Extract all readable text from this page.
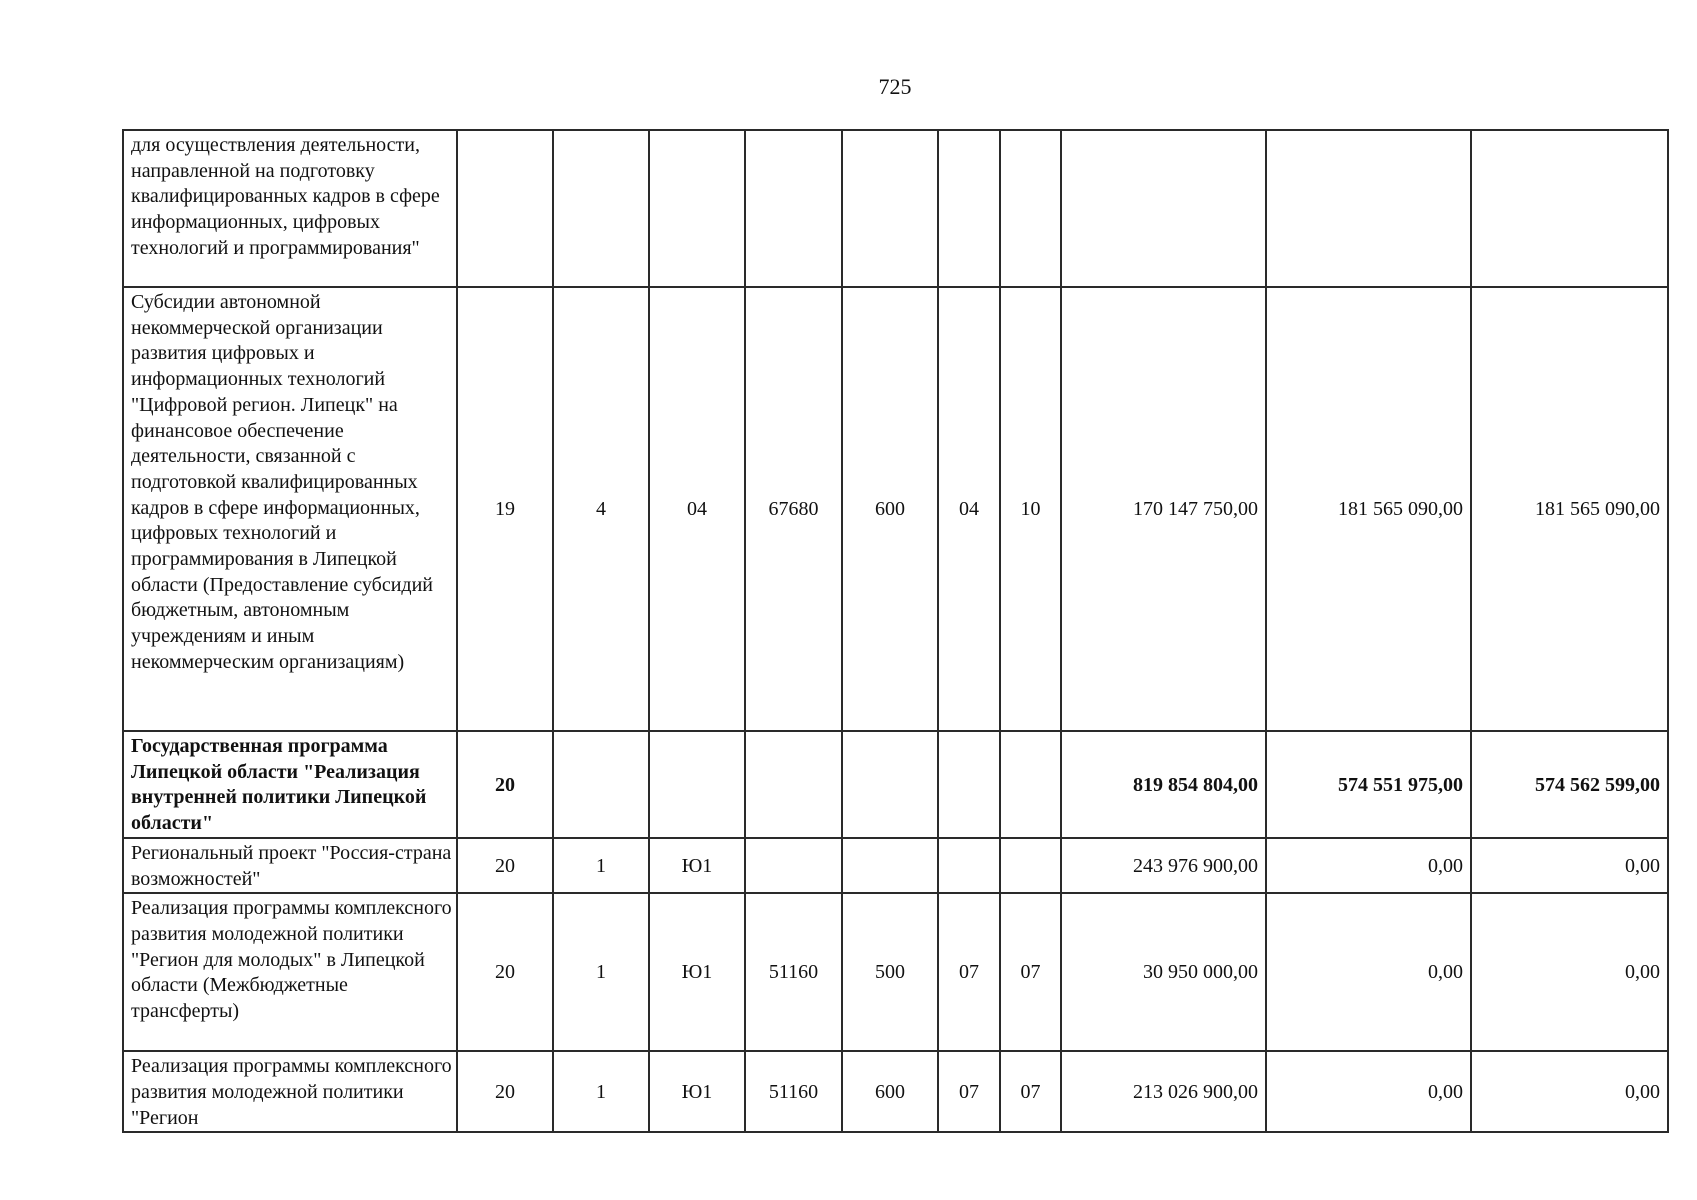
725
для осуществления деятельности, направленной на подготовку квалифицированных кадров в сфере информационных, цифровых технологий и программирования"										
Субсидии автономной некоммерческой организации развития цифровых и информационных технологий "Цифровой регион. Липецк" на финансовое обеспечение деятельности, связанной с подготовкой квалифицированных кадров в сфере информационных, цифровых технологий и программирования в Липецкой области (Предоставление субсидий бюджетным, автономным учреждениям и иным некоммерческим организациям)	19	4	04	67680	600	04	10	170 147 750,00	181 565 090,00	181 565 090,00
Государственная программа Липецкой области "Реализация внутренней политики Липецкой области"	20							819 854 804,00	574 551 975,00	574 562 599,00
Региональный проект "Россия-страна возможностей"	20	1	Ю1					243 976 900,00	0,00	0,00
Реализация программы комплексного развития молодежной политики "Регион для молодых" в Липецкой области (Межбюджетные трансферты)	20	1	Ю1	51160	500	07	07	30 950 000,00	0,00	0,00
Реализация программы комплексного развития молодежной политики "Регион	20	1	Ю1	51160	600	07	07	213 026 900,00	0,00	0,00
